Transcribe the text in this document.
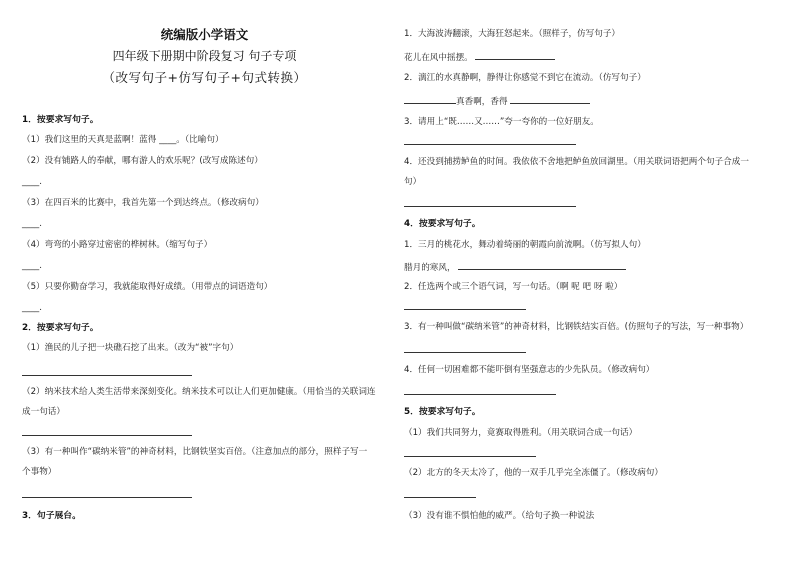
统编版小学语文
四年级下册期中阶段复习 句子专项
（改写句子+仿写句子+句式转换）
1．按要求写句子。
（1）我们这里的天真是蓝啊！蓝得 ____。（比喻句）
（2）没有铺路人的奉献，哪有游人的欢乐呢？(改写成陈述句）
____.
（3）在四百米的比赛中，我首先第一个到达终点。（修改病句）
____.
（4）弯弯的小路穿过密密的桦树林。（缩写句子）
____.
（5）只要你勤奋学习，我就能取得好成绩。（用带点的词语造句）
____.
2．按要求写句子。
（1）渔民的儿子把一块礁石挖了出来。（改为“被”字句）
（2）纳米技术给人类生活带来深刻变化。纳米技术可以让人们更加健康。（用恰当的关联词连
成一句话）
（3）有一种叫作“碳纳米管”的神奇材料，比钢铁坚实百倍。（注意加点的部分，照样子写一
个事物）
3．句子展台。
1．大海波涛翻滚，大海狂怒起来。（照样子，仿写句子）
花儿在风中摇摆。
2．漓江的水真静啊，静得让你感觉不到它在流动。（仿写句子）
真香啊，香得
3．请用上“既……又……”夸一夸你的一位好朋友。
4．还没到捕捞鲈鱼的时间。我依依不舍地把鲈鱼放回湖里。（用关联词语把两个句子合成一
句）
4．按要求写句子。
1．三月的桃花水，舞动着绮丽的朝霞向前流啊。（仿写拟人句）
腊月的寒风，
2．任选两个或三个语气词，写一句话。（啊 呢 吧 呀 啦）
3．有一种叫做“碳纳米管”的神奇材料，比钢铁结实百倍。(仿照句子的写法，写一种事物）
4．任何一切困难都不能吓倒有坚强意志的少先队员。（修改病句）
5．按要求写句子。
（1）我们共同努力，竟赛取得胜利。（用关联词合成一句话）
（2）北方的冬天太冷了，他的一双手几乎完全冻僵了。（修改病句）
（3）没有谁不惧怕他的威严。（给句子换一种说法
